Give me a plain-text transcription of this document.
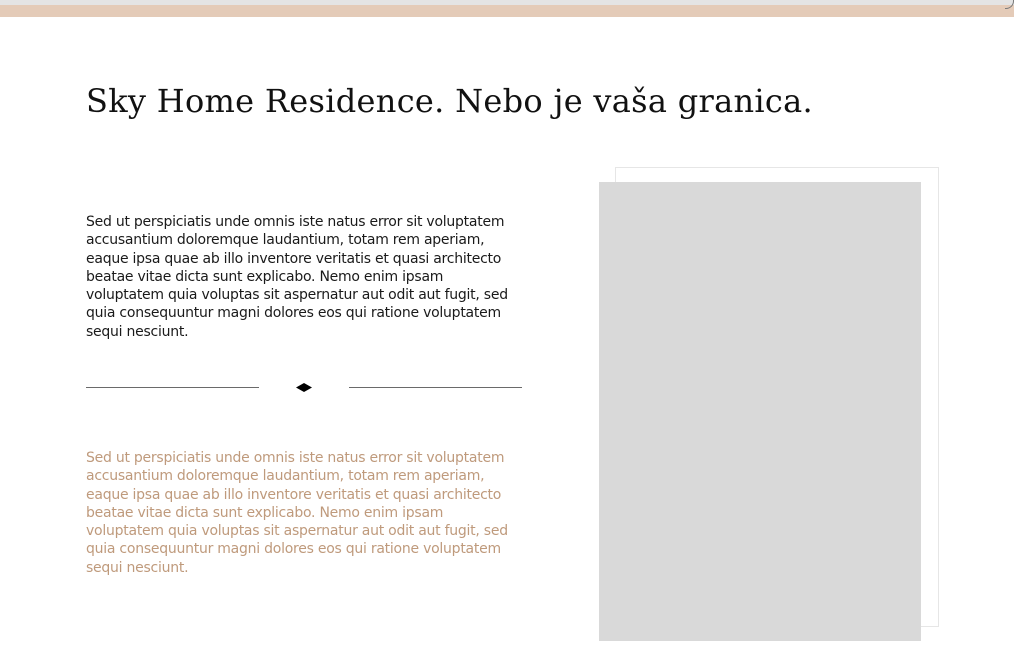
Sky Home Residence. Nebo je vaša granica.

Sed ut perspiciatis unde omnis iste natus error sit voluptatem accusantium doloremque laudantium, totam rem aperiam, eaque ipsa quae ab illo inventore veritatis et quasi architecto beatae vitae dicta sunt explicabo. Nemo enim ipsam voluptatem quia voluptas sit aspernatur aut odit aut fugit, sed quia consequuntur magni dolores eos qui ratione voluptatem sequi nesciunt.

Sed ut perspiciatis unde omnis iste natus error sit voluptatem accusantium doloremque laudantium, totam rem aperiam, eaque ipsa quae ab illo inventore veritatis et quasi architecto beatae vitae dicta sunt explicabo. Nemo enim ipsam voluptatem quia voluptas sit aspernatur aut odit aut fugit, sed quia consequuntur magni dolores eos qui ratione voluptatem sequi nesciunt.
